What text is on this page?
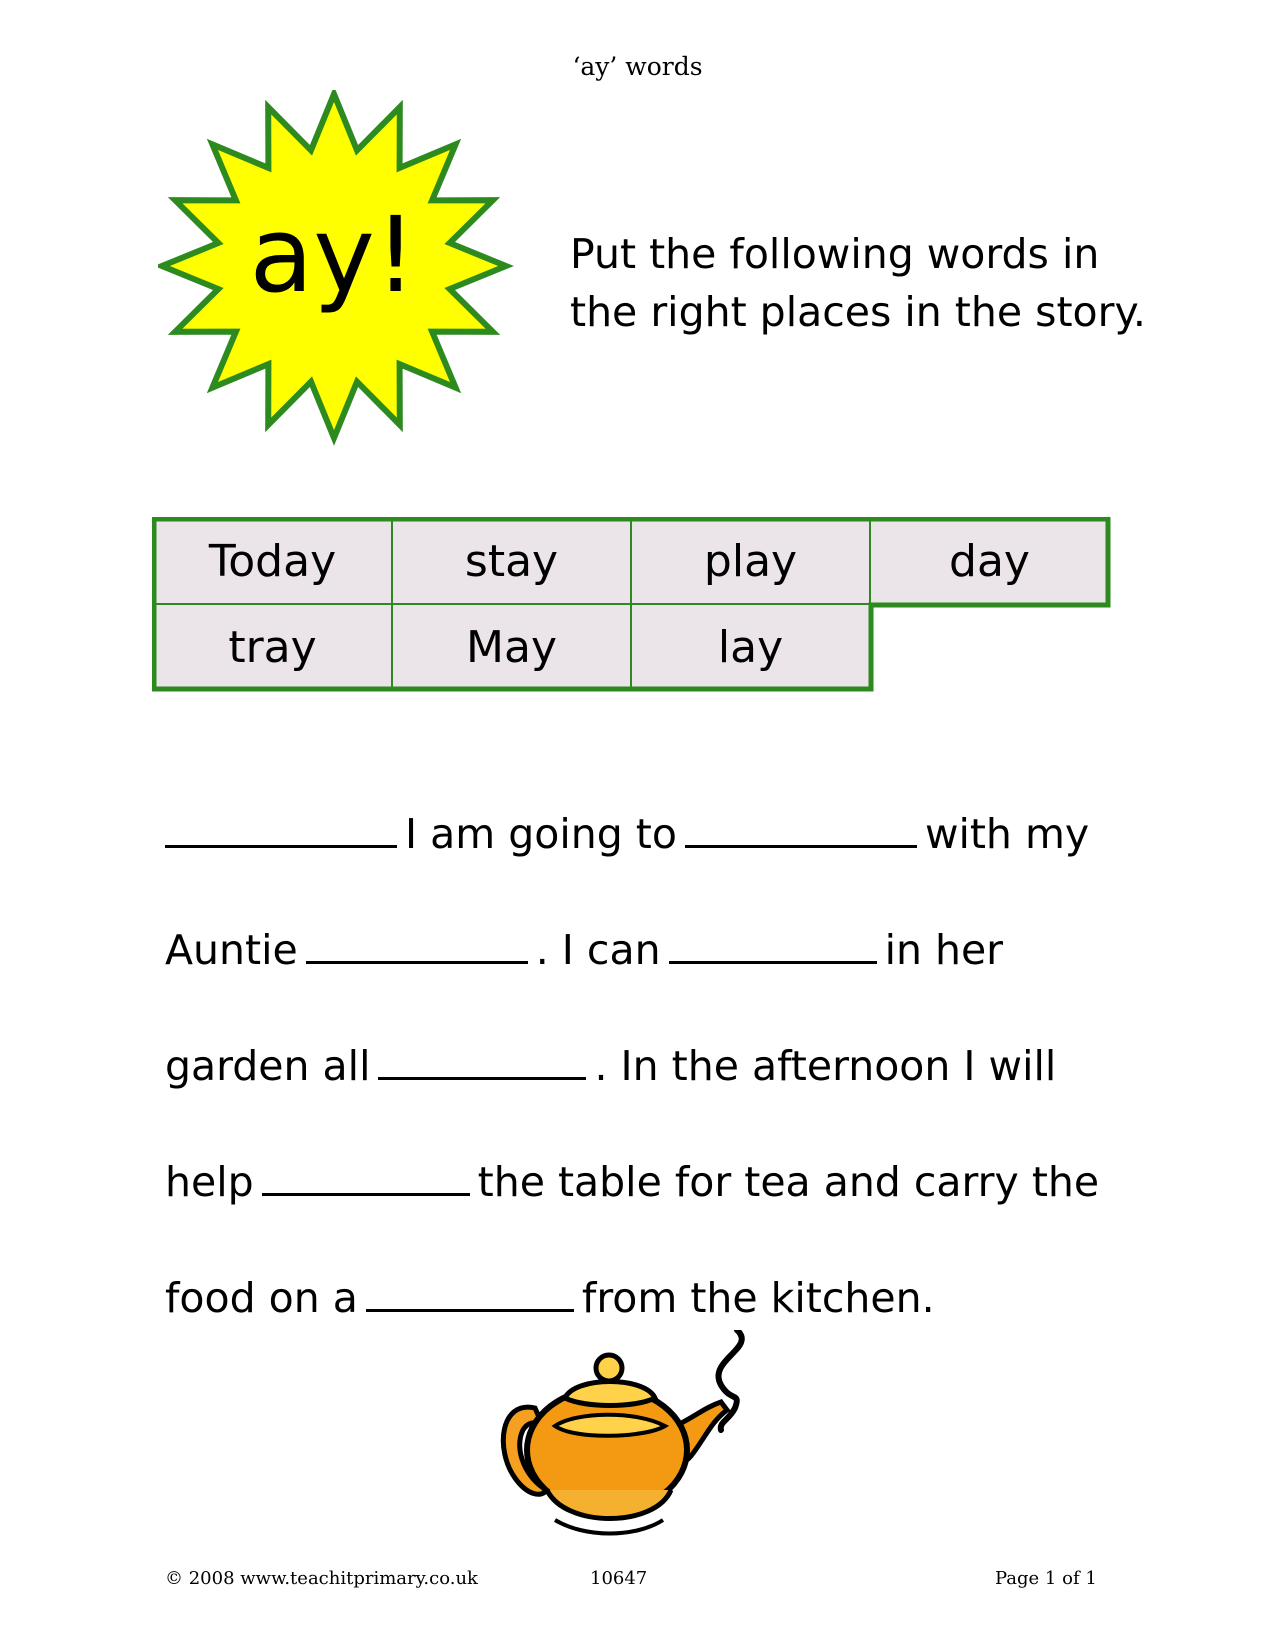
‘ay’ words
ay!	Put the following words in
the right places in the story.
Today	stay	play	day
tray	May	lay
I am going to	with my
Auntie	. I can	in her
garden all	. In the afternoon I will
help	the table for tea and carry the
food on a	from the kitchen.
© 2008 www.teachitprimary.co.uk	10647	Page 1 of 1
